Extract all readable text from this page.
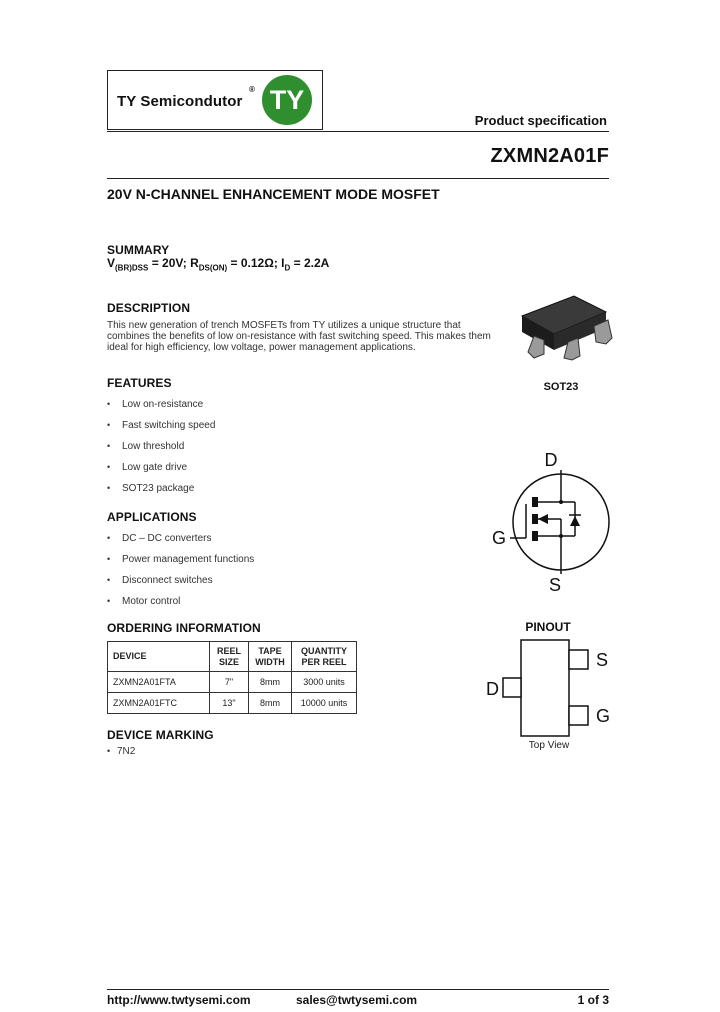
TY Semicondutor
® TY
Product specification
ZXMN2A01F
20V N-CHANNEL ENHANCEMENT MODE MOSFET
SUMMARY
$V_{(BR)DSS} = 20V$; $R_{DS(ON)} = 0.12\Omega$; $I_D = 2.2A$
DESCRIPTION
This new generation of trench MOSFETs from TY utilizes a unique structure that combines the benefits of low on-resistance with fast switching speed. This makes them ideal for high efficiency, low voltage, power management applications.
SOT23
FEATURES
• Low on-resistance
• Fast switching speed
• Low threshold
• Low gate drive
• SOT23 package
D
G
S
APPLICATIONS
• DC – DC converters
• Power management functions
• Disconnect switches
• Motor control
ORDERING INFORMATION
DEVICE	REEL SIZE	TAPE WIDTH	QUANTITY PER REEL
ZXMN2A01FTA	7"	8mm	3000 units
ZXMN2A01FTC	13"	8mm	10000 units
DEVICE MARKING
• 7N2
PINOUT
S
D
G
Top View
http://www.twtysemi.com	sales@twtysemi.com	1 of 3
